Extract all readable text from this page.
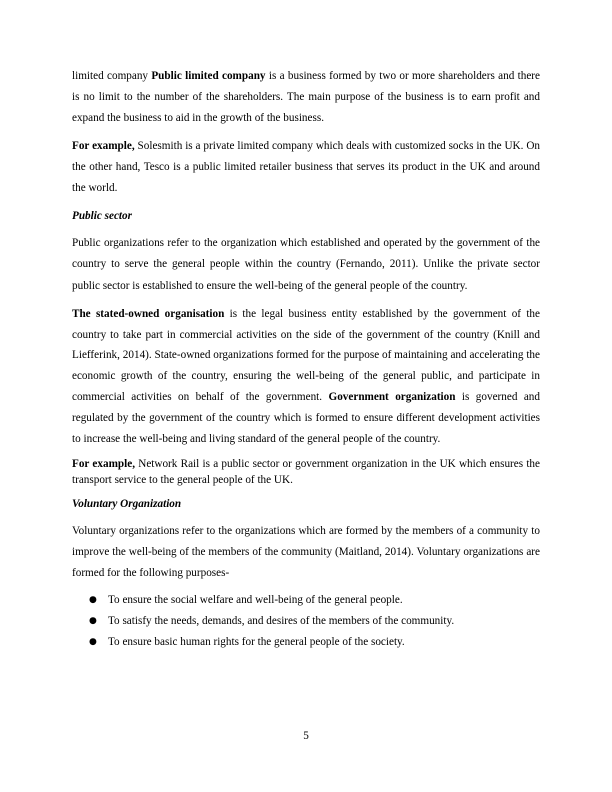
limited company Public limited company is a business formed by two or more shareholders and there is no limit to the number of the shareholders. The main purpose of the business is to earn profit and expand the business to aid in the growth of the business.

For example, Solesmith is a private limited company which deals with customized socks in the UK. On the other hand, Tesco is a public limited retailer business that serves its product in the UK and around the world.

Public sector

Public organizations refer to the organization which established and operated by the government of the country to serve the general people within the country (Fernando, 2011). Unlike the private sector public sector is established to ensure the well-being of the general people of the country.

The stated-owned organisation is the legal business entity established by the government of the country to take part in commercial activities on the side of the government of the country (Knill and Liefferink, 2014). State-owned organizations formed for the purpose of maintaining and accelerating the economic growth of the country, ensuring the well-being of the general public, and participate in commercial activities on behalf of the government. Government organization is governed and regulated by the government of the country which is formed to ensure different development activities to increase the well-being and living standard of the general people of the country.

For example, Network Rail is a public sector or government organization in the UK which ensures the transport service to the general people of the UK.

Voluntary Organization

Voluntary organizations refer to the organizations which are formed by the members of a community to improve the well-being of the members of the community (Maitland, 2014). Voluntary organizations are formed for the following purposes-

● To ensure the social welfare and well-being of the general people.
● To satisfy the needs, demands, and desires of the members of the community.
● To ensure basic human rights for the general people of the society.
5
